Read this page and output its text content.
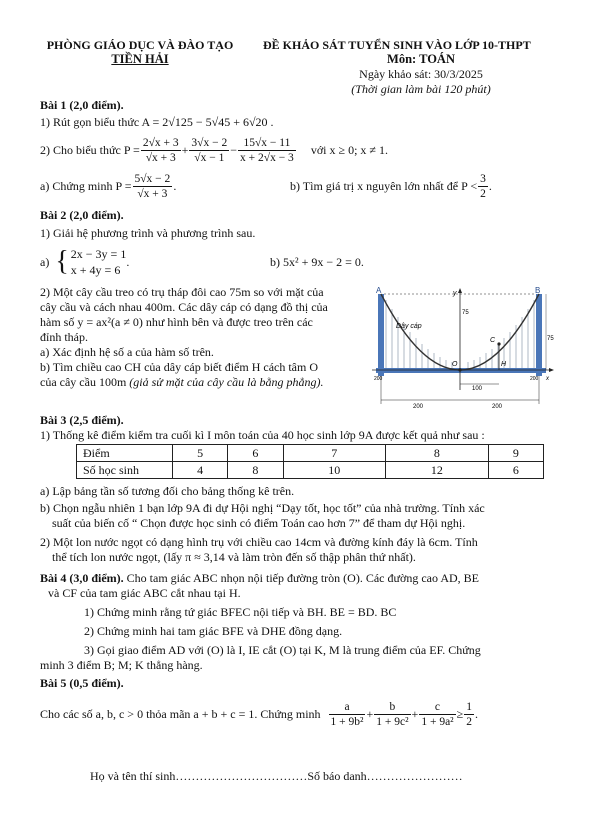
PHÒNG GIÁO DỤC VÀ ĐÀO TẠO
TIỀN HẢI
ĐỀ KHẢO SÁT TUYỂN SINH VÀO LỚP 10-THPT
Môn: TOÁN
Ngày khảo sát: 30/3/2025
(Thời gian làm bài 120 phút)
Bài 1 (2,0 điểm).
1) Rút gọn biểu thức A = 2√125 − 5√45 + 6√20 .
2) Cho biểu thức $P = \frac{2√x + 3}{√x + 3} + \frac{3√x - 2}{√x - 1} - \frac{15√x - 11}{x + 2√x - 3}$ với x ≥ 0; x ≠ 1.
a) Chứng minh $P = \frac{5√x - 2}{√x + 3}$ .	b) Tìm giá trị x nguyên lớn nhất để $P < \frac{3}{2}$ .
Bài 2 (2,0 điểm).
1) Giải hệ phương trình và phương trình sau.
a) { 2x − 3y = 1
x + 4y = 6
.	b) 5x² + 9x − 2 = 0.
2) Một cây cầu treo có trụ tháp đôi cao 75m so với mặt của
cây cầu và cách nhau 400m. Các dây cáp có dạng đồ thị của
hàm số y = ax²(a ≠ 0) như hình bên và được treo trên các
đỉnh tháp.
a) Xác định hệ số a của hàm số trên.
b) Tìm chiều cao CH của dây cáp biết điểm H cách tâm O
của cây cầu 100m (giả sử mặt của cây cầu là bằng phẳng).
A	B
y
Dây cáp
75
75
C
O	H
x
200	200
100
200	200
Bài 3 (2,5 điểm).
1) Thống kê điểm kiểm tra cuối kì I môn toán của 40 học sinh lớp 9A được kết quả như sau :
Điểm	5	6	7	8	9
Số học sinh	4	8	10	12	6
a) Lập bảng tần số tương đối cho bảng thống kê trên.
b) Chọn ngẫu nhiên 1 bạn lớp 9A đi dự Hội nghị “Dạy tốt, học tốt” của nhà trường. Tính xác
suất của biến cố “ Chọn được học sinh có điểm Toán cao hơn 7” để tham dự Hội nghị.
2) Một lon nước ngọt có dạng hình trụ với chiều cao 14cm và đường kính đáy là 6cm. Tính
thể tích lon nước ngọt, (lấy π ≈ 3,14 và làm tròn đến số thập phân thứ nhất).
Bài 4 (3,0 điểm). Cho tam giác ABC nhọn nội tiếp đường tròn (O). Các đường cao AD, BE
và CF của tam giác ABC cắt nhau tại H.
1) Chứng minh rằng tứ giác BFEC nội tiếp và BH. BE = BD. BC
2) Chứng minh hai tam giác BFE và DHE đồng dạng.
3) Gọi giao điểm AD với (O) là I, IE cắt (O) tại K, M là trung điểm của EF. Chứng
minh 3 điểm B; M; K thẳng hàng.
Bài 5 (0,5 điểm).
Cho các số a, b, c > 0 thỏa mãn a + b + c = 1. Chứng minh $\frac{a}{\text{1 + 9b²}} + \frac{b}{\text{1 + 9c²}} + \frac{c}{\text{1 + 9a²}} \ge \frac{1}{2}$ .
Họ và tên thí sinh……………………………Số báo danh……………………
